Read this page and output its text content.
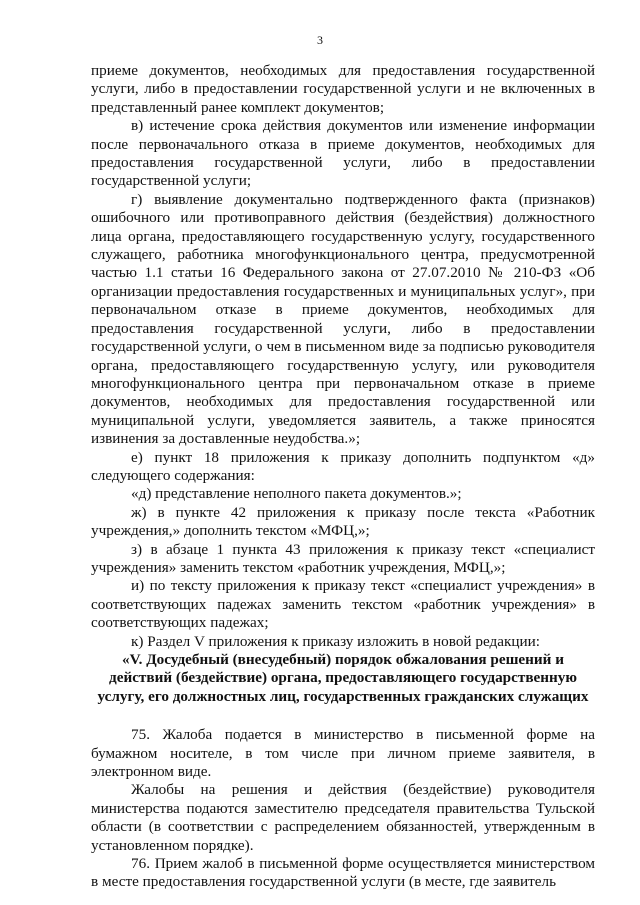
3

приеме документов, необходимых для предоставления государственной услуги, либо в предоставлении государственной услуги и не включенных в представленный ранее комплект документов;

в) истечение срока действия документов или изменение информации после первоначального отказа в приеме документов, необходимых для предоставления государственной услуги, либо в предоставлении государственной услуги;

г) выявление документально подтвержденного факта (признаков) ошибочного или противоправного действия (бездействия) должностного лица органа, предоставляющего государственную услугу, государственного служащего, работника многофункционального центра, предусмотренной частью 1.1 статьи 16 Федерального закона от 27.07.2010 № 210-ФЗ «Об организации предоставления государственных и муниципальных услуг», при первоначальном отказе в приеме документов, необходимых для предоставления государственной услуги, либо в предоставлении государственной услуги, о чем в письменном виде за подписью руководителя органа, предоставляющего государственную услугу, или руководителя многофункционального центра при первоначальном отказе в приеме документов, необходимых для предоставления государственной или муниципальной услуги, уведомляется заявитель, а также приносятся извинения за доставленные неудобства.»;

е) пункт 18 приложения к приказу дополнить подпунктом «д» следующего содержания:

«д) представление неполного пакета документов.»;

ж) в пункте 42 приложения к приказу после текста «Работник учреждения,» дополнить текстом «МФЦ,»;

з) в абзаце 1 пункта 43 приложения к приказу текст «специалист учреждения» заменить текстом «работник учреждения, МФЦ,»;

и) по тексту приложения к приказу текст «специалист учреждения» в соответствующих падежах заменить текстом «работник учреждения» в соответствующих падежах;

к) Раздел V приложения к приказу изложить в новой редакции:

«V. Досудебный (внесудебный) порядок обжалования решений и действий (бездействие) органа, предоставляющего государственную услугу, его должностных лиц, государственных гражданских служащих

75. Жалоба подается в министерство в письменной форме на бумажном носителе, в том числе при личном приеме заявителя, в электронном виде.

Жалобы на решения и действия (бездействие) руководителя министерства подаются заместителю председателя правительства Тульской области (в соответствии с распределением обязанностей, утвержденным в установленном порядке).

76. Прием жалоб в письменной форме осуществляется министерством в месте предоставления государственной услуги (в месте, где заявитель
